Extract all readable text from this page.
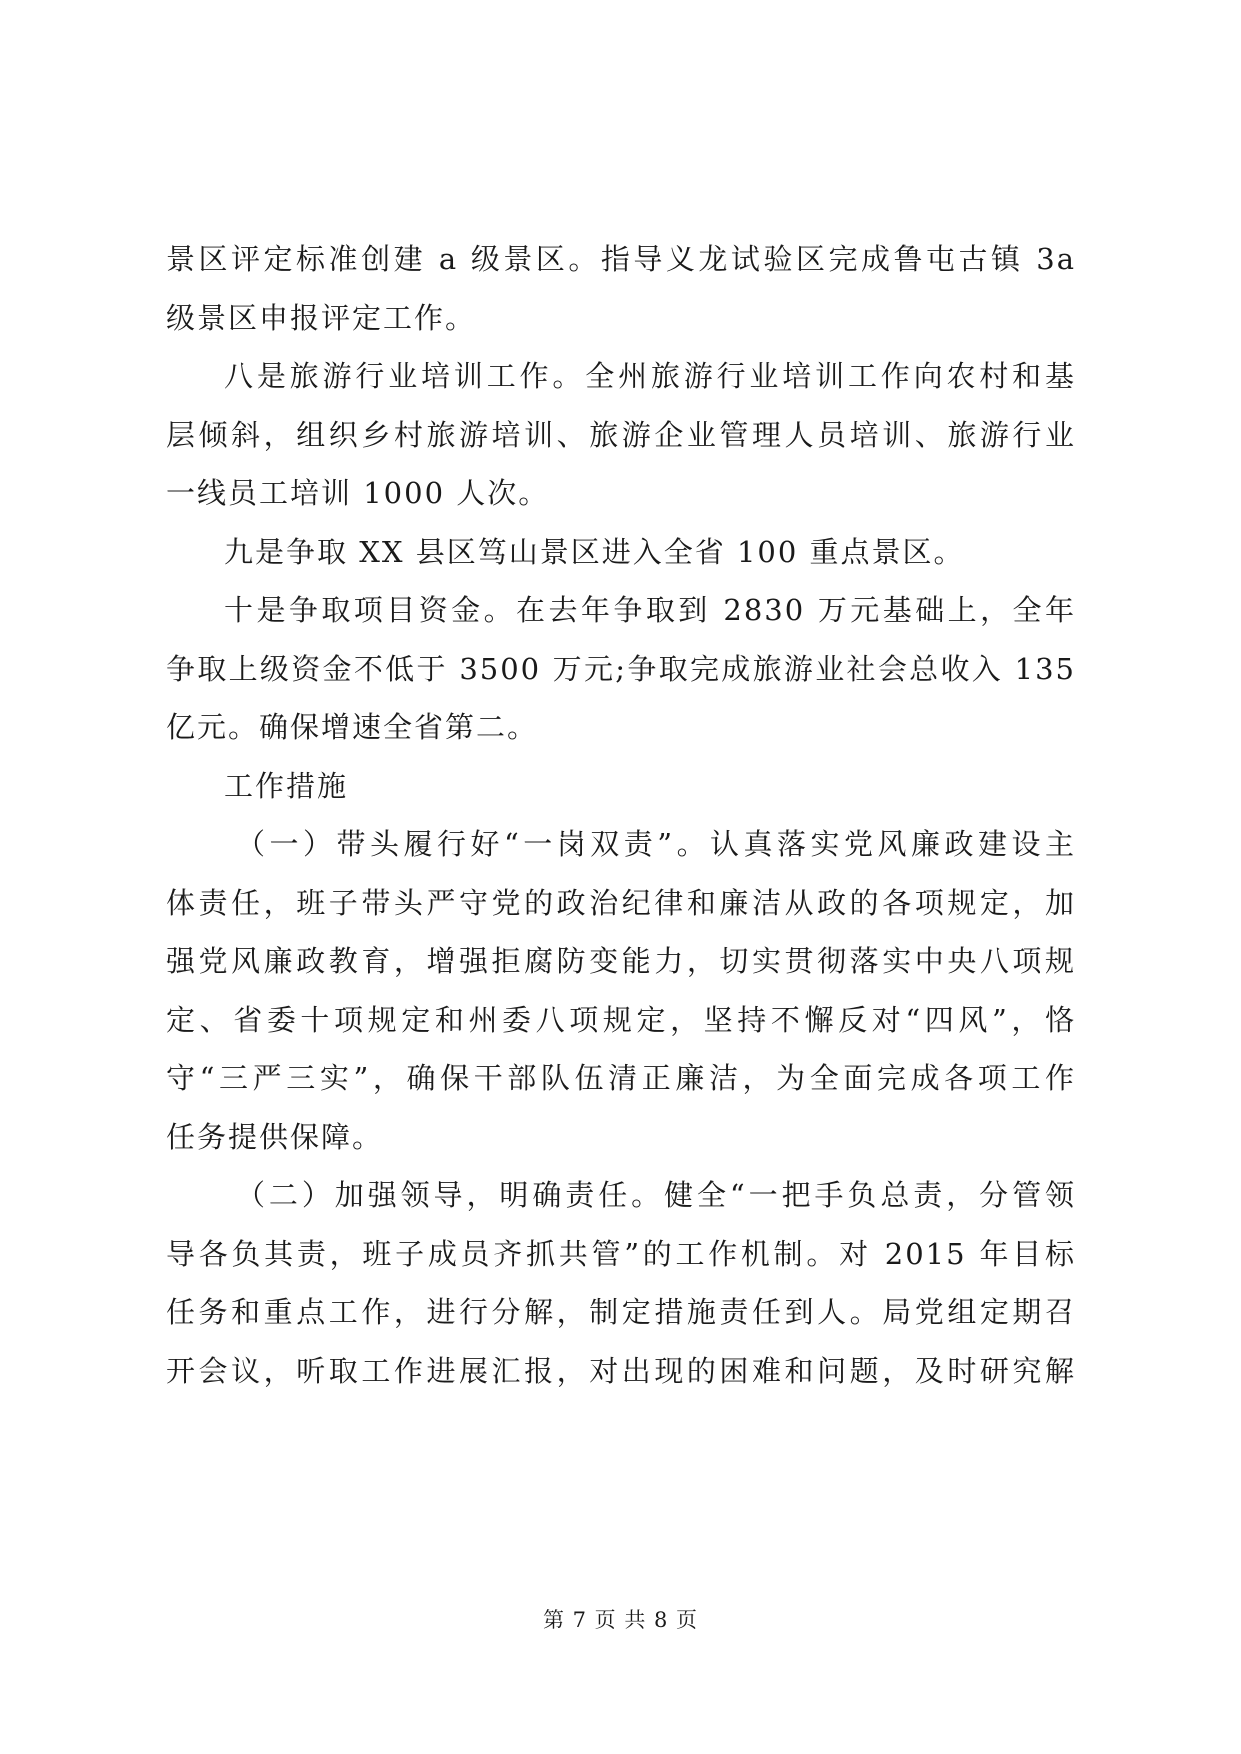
景区评定标准创建 a 级景区。指导义龙试验区完成鲁屯古镇 3a
级景区申报评定工作。
八是旅游行业培训工作。全州旅游行业培训工作向农村和基
层倾斜，组织乡村旅游培训、旅游企业管理人员培训、旅游行业
一线员工培训 1000 人次。
九是争取 XX 县区笃山景区进入全省 100 重点景区。
十是争取项目资金。在去年争取到 2830 万元基础上，全年
争取上级资金不低于 3500 万元;争取完成旅游业社会总收入 135
亿元。确保增速全省第二。
工作措施
（一）带头履行好“一岗双责”。认真落实党风廉政建设主
体责任，班子带头严守党的政治纪律和廉洁从政的各项规定，加
强党风廉政教育，增强拒腐防变能力，切实贯彻落实中央八项规
定、省委十项规定和州委八项规定，坚持不懈反对“四风”，恪
守“三严三实”，确保干部队伍清正廉洁，为全面完成各项工作
任务提供保障。
（二）加强领导，明确责任。健全“一把手负总责，分管领
导各负其责，班子成员齐抓共管”的工作机制。对 2015 年目标
任务和重点工作，进行分解，制定措施责任到人。局党组定期召
开会议，听取工作进展汇报，对出现的困难和问题，及时研究解
第 7 页 共 8 页
